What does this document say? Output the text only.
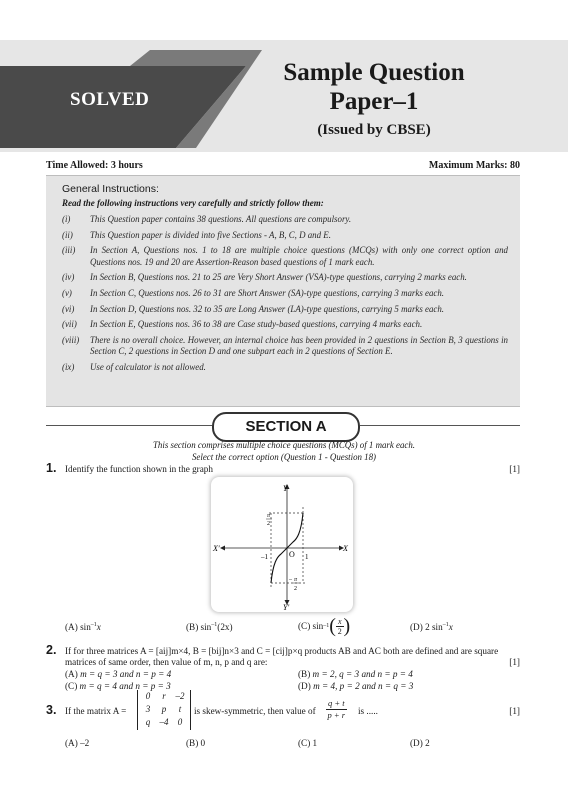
SOLVED
Sample Question
Paper–1
(Issued by CBSE)
Time Allowed: 3 hours	Maximum Marks: 80
General Instructions:
Read the following instructions very carefully and strictly follow them:
(i)	This Question paper contains 38 questions. All questions are compulsory.
(ii)	This Question paper is divided into five Sections - A, B, C, D and E.
(iii)	In Section A, Questions nos. 1 to 18 are multiple choice questions (MCQs) with only one correct option and Questions nos. 19 and 20 are Assertion-Reason based questions of 1 mark each.
(iv)	In Section B, Questions nos. 21 to 25 are Very Short Answer (VSA)-type questions, carrying 2 marks each.
(v)	In Section C, Questions nos. 26 to 31 are Short Answer (SA)-type questions, carrying 3 marks each.
(vi)	In Section D, Questions nos. 32 to 35 are Long Answer (LA)-type questions, carrying 5 marks each.
(vii)	In Section E, Questions nos. 36 to 38 are Case study-based questions, carrying 4 marks each.
(viii)	There is no overall choice. However, an internal choice has been provided in 2 questions in Section B, 3 questions in Section C, 2 questions in Section D and one subpart each in 2 questions of Section E.
(ix)	Use of calculator is not allowed.
SECTION A
This section comprises multiple choice questions (MCQs) of 1 mark each.
Select the correct option (Question 1 - Question 18)
1. Identify the function shown in the graph	[1]
Y
Y′
X′	X
O
–1	1
π
2
– π
2
(A) $\sin^{-1}x$	(B) $\sin^{-1}(2x)$	(C)
sin –1 ( x
2 )	(D) 2 $\sin^{-1}x$
2. If for three matrices A = [aij]m×4, B = [bij]n×3 and C = [cij]p×q products AB and AC both are defined and are square
matrices of same order, then value of m, n, p and q are:	[1]
(A) m = q = 3 and n = p = 4	(B) m = 2, q = 3 and n = p = 4
(C) m = q = 4 and n = p = 3	(D) m = 4, p = 2 and n = q = 3
3. If the matrix A =
0	r	–2
3	p	t
q	–4	0
is skew-symmetric, then value of
q + t
p + r is .....	[1]
(A) –2	(B) 0	(C) 1	(D) 2
